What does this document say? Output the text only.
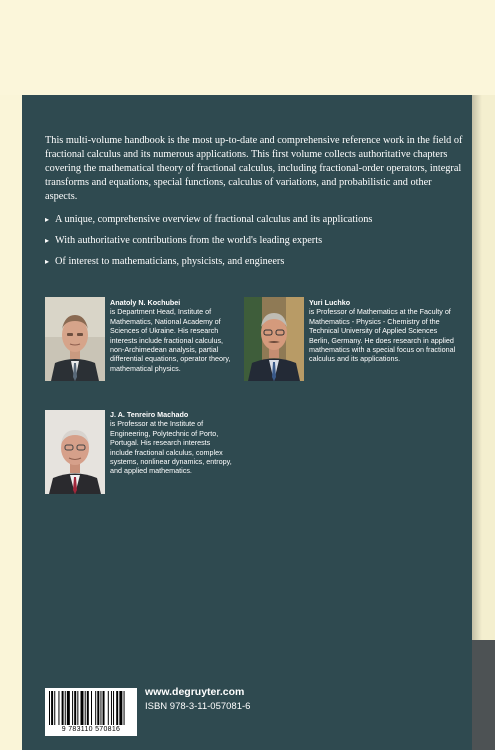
This multi-volume handbook is the most up-to-date and comprehensive reference work in the field of fractional calculus and its numerous applications. This first volume collects authoritative chapters covering the mathematical theory of fractional calculus, including fractional-order operators, integral transforms and equations, special functions, calculus of variations, and probabilistic and other aspects.

▸ A unique, comprehensive overview of fractional calculus and its applications
▸ With authoritative contributions from the world's leading experts
▸ Of interest to mathematicians, physicists, and engineers
Anatoly N. Kochubei
is Department Head, Institute of Mathematics, National Academy of Sciences of Ukraine. His research interests include fractional calculus, non-Archimedean analysis, partial differential equations, operator theory, mathematical physics.
Yuri Luchko
is Professor of Mathematics at the Faculty of Mathematics - Physics - Chemistry of the Technical University of Applied Sciences Berlin, Germany. He does research in applied mathematics with a special focus on fractional calculus and its applications.
J. A. Tenreiro Machado
is Professor at the Institute of Engineering, Polytechnic of Porto, Portugal. His research interests include fractional calculus, complex systems, nonlinear dynamics, entropy, and applied mathematics.
9 783110 570816
www.degruyter.com
ISBN 978-3-11-057081-6
